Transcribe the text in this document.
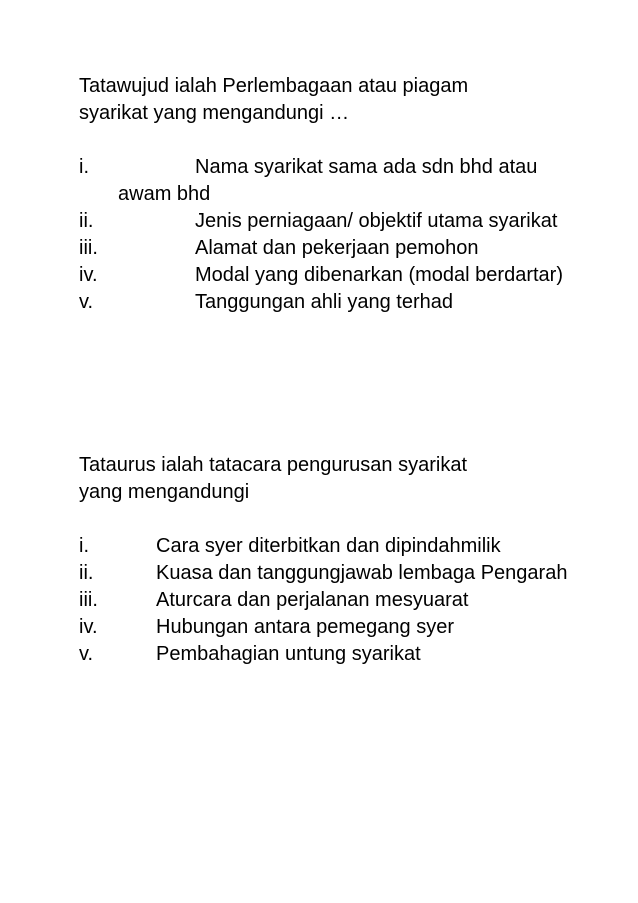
Tatawujud ialah Perlembagaan atau piagam
syarikat yang mengandungi …

i.	Nama syarikat sama ada sdn bhd atau awam bhd
ii.	Jenis perniagaan/ objektif utama syarikat
iii.	Alamat dan pekerjaan pemohon
iv.	Modal yang dibenarkan (modal berdartar)
v.	Tanggungan ahli yang terhad

Tataurus ialah tatacara pengurusan syarikat
yang mengandungi

i.	Cara syer diterbitkan dan dipindahmilik
ii.	Kuasa dan tanggungjawab lembaga Pengarah
iii.	Aturcara dan perjalanan mesyuarat
iv.	Hubungan antara pemegang syer
v.	Pembahagian untung syarikat
